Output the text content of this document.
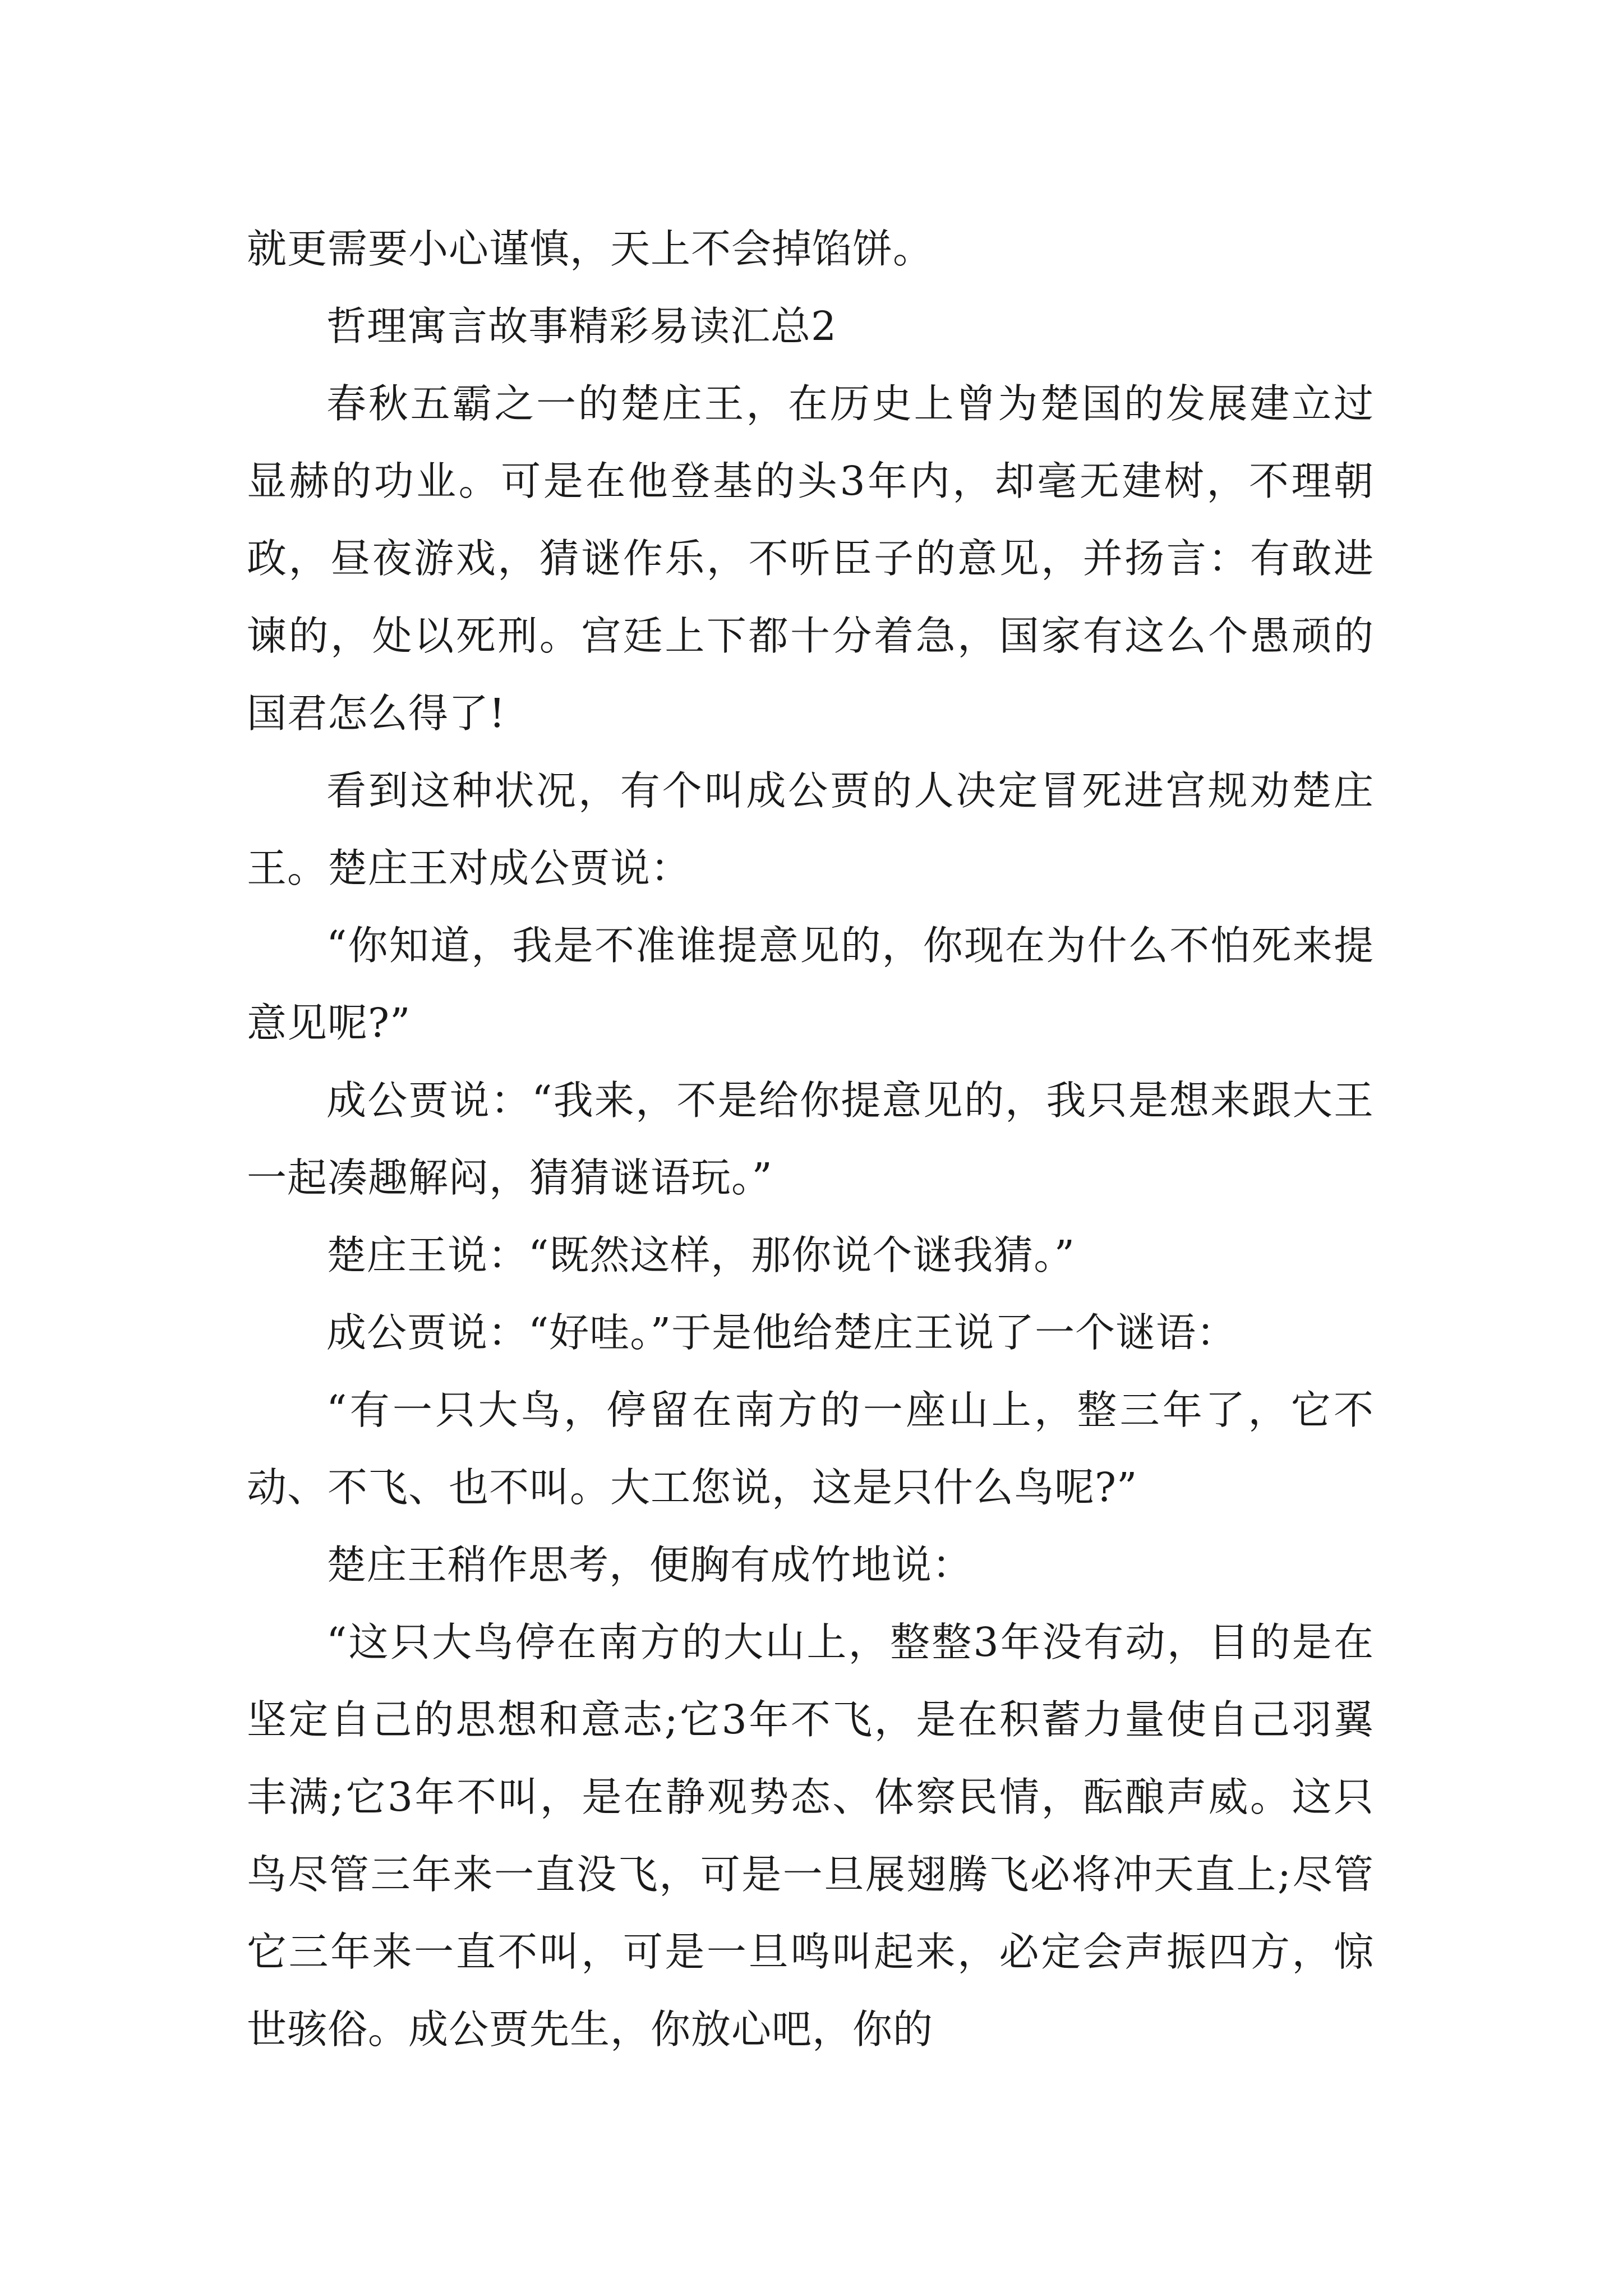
就更需要小心谨慎，天上不会掉馅饼。

哲理寓言故事精彩易读汇总2

春秋五霸之一的楚庄王，在历史上曾为楚国的发展建立过显赫的功业。可是在他登基的头3年内，却毫无建树，不理朝政，昼夜游戏，猜谜作乐，不听臣子的意见，并扬言：有敢进谏的，处以死刑。宫廷上下都十分着急，国家有这么个愚顽的国君怎么得了!

看到这种状况，有个叫成公贾的人决定冒死进宫规劝楚庄王。楚庄王对成公贾说：

“你知道，我是不准谁提意见的，你现在为什么不怕死来提意见呢?”

成公贾说：“我来，不是给你提意见的，我只是想来跟大王一起凑趣解闷，猜猜谜语玩。”

楚庄王说：“既然这样，那你说个谜我猜。”

成公贾说：“好哇。”于是他给楚庄王说了一个谜语：

“有一只大鸟，停留在南方的一座山上，整三年了，它不动、不飞、也不叫。大工您说，这是只什么鸟呢?”

楚庄王稍作思考，便胸有成竹地说：

“这只大鸟停在南方的大山上，整整3年没有动，目的是在坚定自己的思想和意志;它3年不飞，是在积蓄力量使自己羽翼丰满;它3年不叫，是在静观势态、体察民情，酝酿声威。这只鸟尽管三年来一直没飞，可是一旦展翅腾飞必将冲天直上;尽管它三年来一直不叫，可是一旦鸣叫起来，必定会声振四方，惊世骇俗。成公贾先生，你放心吧，你的
